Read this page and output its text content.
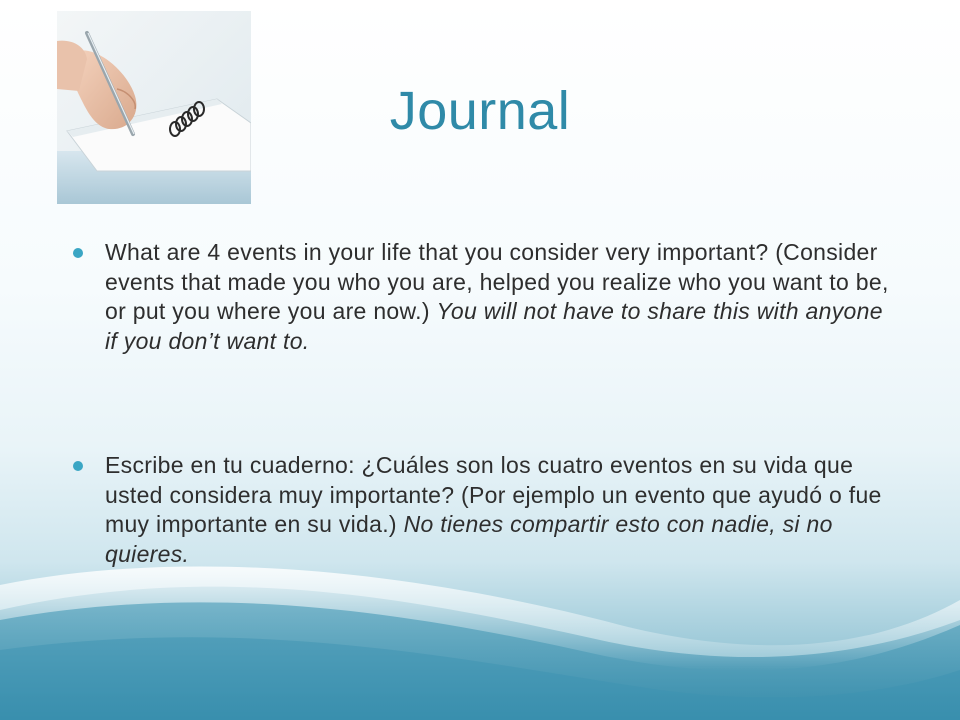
Journal
What are 4 events in your life that you consider very important? (Consider events that made you who you are, helped you realize who you want to be, or put you where you are now.) You will not have to share this with anyone if you don’t want to.
Escribe en tu cuaderno: ¿Cuáles son los cuatro eventos en su vida que usted considera muy importante? (Por ejemplo un evento que ayudó o fue muy importante en su vida.) No tienes compartir esto con nadie, si no quieres.
